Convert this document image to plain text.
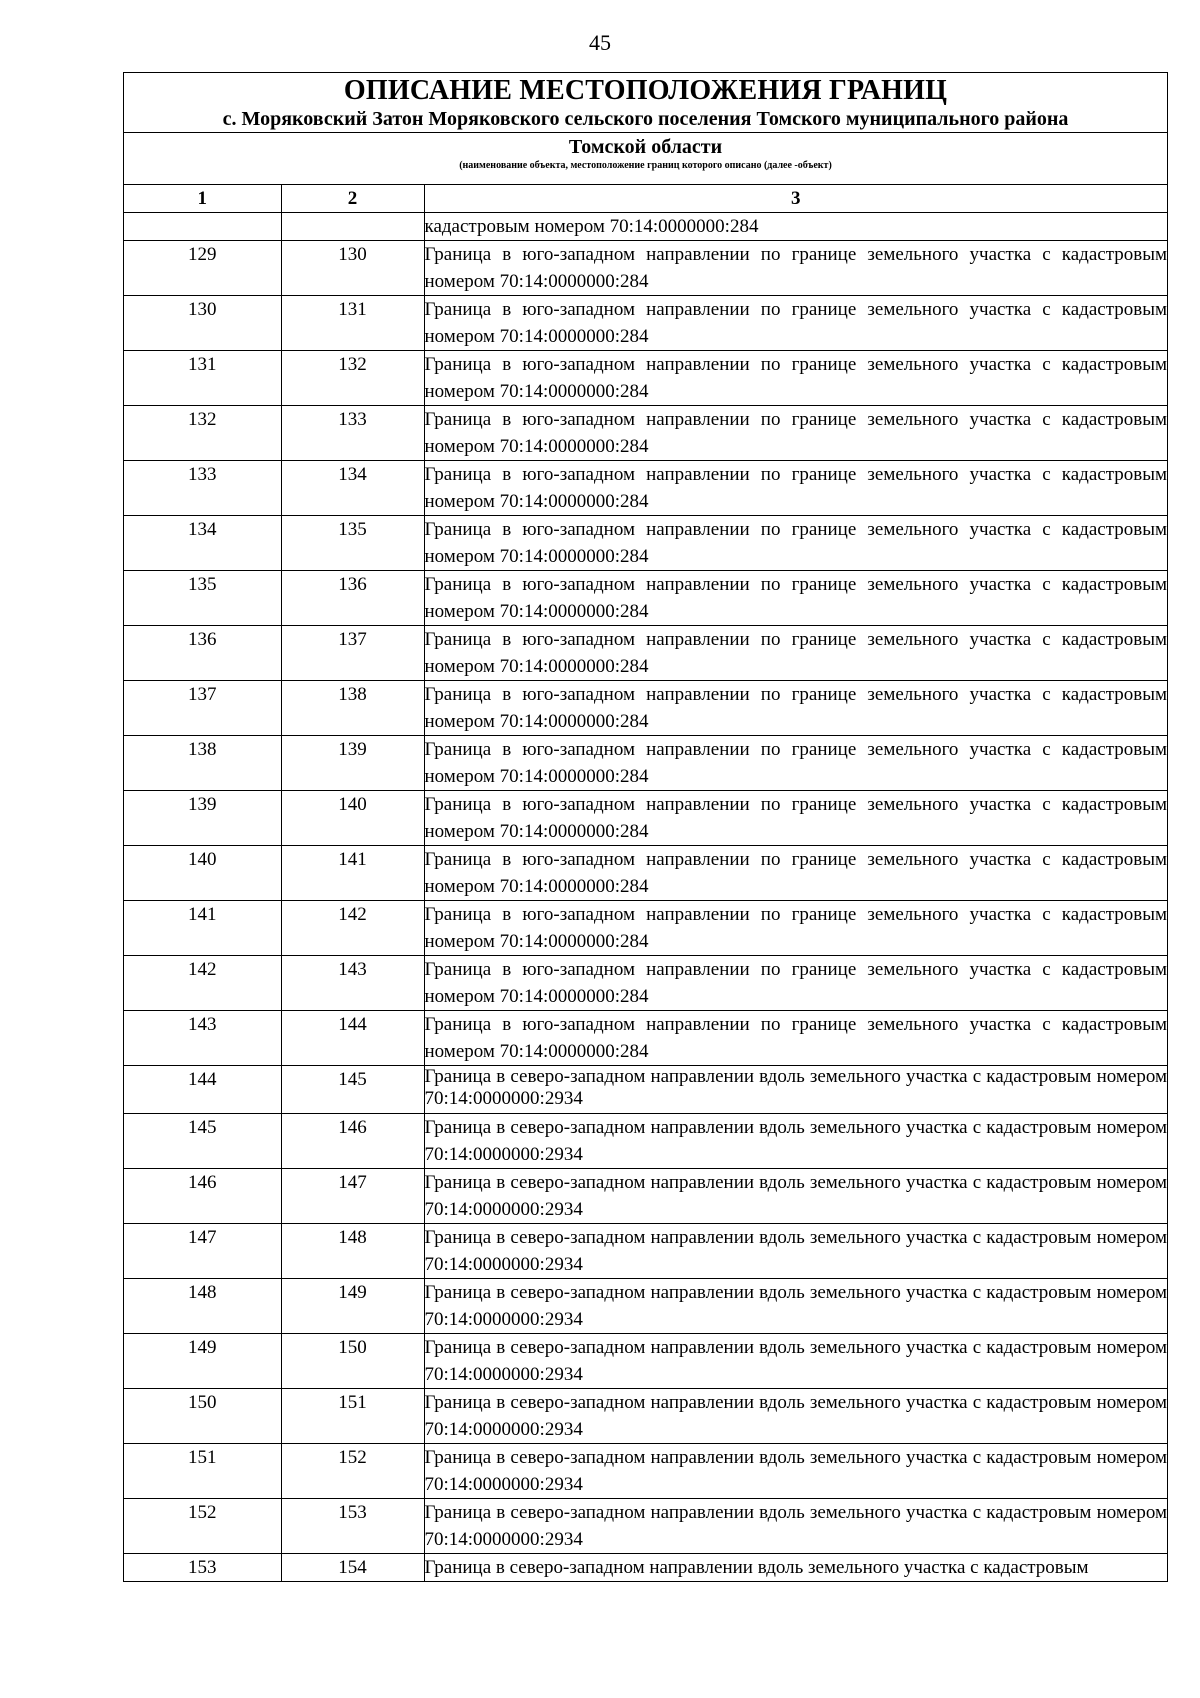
45
ОПИСАНИЕ МЕСТОПОЛОЖЕНИЯ ГРАНИЦ
с. Моряковский Затон Моряковского сельского поселения Томского муниципального района
Томской области
(наименование объекта, местоположение границ которого описано (далее -объект)
1	2	3
		кадастровым номером 70:14:0000000:284
129	130	Граница в юго-западном направлении по границе земельного участка с кадастровым номером 70:14:0000000:284
130	131	Граница в юго-западном направлении по границе земельного участка с кадастровым номером 70:14:0000000:284
131	132	Граница в юго-западном направлении по границе земельного участка с кадастровым номером 70:14:0000000:284
132	133	Граница в юго-западном направлении по границе земельного участка с кадастровым номером 70:14:0000000:284
133	134	Граница в юго-западном направлении по границе земельного участка с кадастровым номером 70:14:0000000:284
134	135	Граница в юго-западном направлении по границе земельного участка с кадастровым номером 70:14:0000000:284
135	136	Граница в юго-западном направлении по границе земельного участка с кадастровым номером 70:14:0000000:284
136	137	Граница в юго-западном направлении по границе земельного участка с кадастровым номером 70:14:0000000:284
137	138	Граница в юго-западном направлении по границе земельного участка с кадастровым номером 70:14:0000000:284
138	139	Граница в юго-западном направлении по границе земельного участка с кадастровым номером 70:14:0000000:284
139	140	Граница в юго-западном направлении по границе земельного участка с кадастровым номером 70:14:0000000:284
140	141	Граница в юго-западном направлении по границе земельного участка с кадастровым номером 70:14:0000000:284
141	142	Граница в юго-западном направлении по границе земельного участка с кадастровым номером 70:14:0000000:284
142	143	Граница в юго-западном направлении по границе земельного участка с кадастровым номером 70:14:0000000:284
143	144	Граница в юго-западном направлении по границе земельного участка с кадастровым номером 70:14:0000000:284
144	145	Граница в северо-западном направлении вдоль земельного участка с кадастровым номером 70:14:0000000:2934
145	146	Граница в северо-западном направлении вдоль земельного участка с кадастровым номером 70:14:0000000:2934
146	147	Граница в северо-западном направлении вдоль земельного участка с кадастровым номером 70:14:0000000:2934
147	148	Граница в северо-западном направлении вдоль земельного участка с кадастровым номером 70:14:0000000:2934
148	149	Граница в северо-западном направлении вдоль земельного участка с кадастровым номером 70:14:0000000:2934
149	150	Граница в северо-западном направлении вдоль земельного участка с кадастровым номером 70:14:0000000:2934
150	151	Граница в северо-западном направлении вдоль земельного участка с кадастровым номером 70:14:0000000:2934
151	152	Граница в северо-западном направлении вдоль земельного участка с кадастровым номером 70:14:0000000:2934
152	153	Граница в северо-западном направлении вдоль земельного участка с кадастровым номером 70:14:0000000:2934
153	154	Граница в северо-западном направлении вдоль земельного участка с кадастровым
